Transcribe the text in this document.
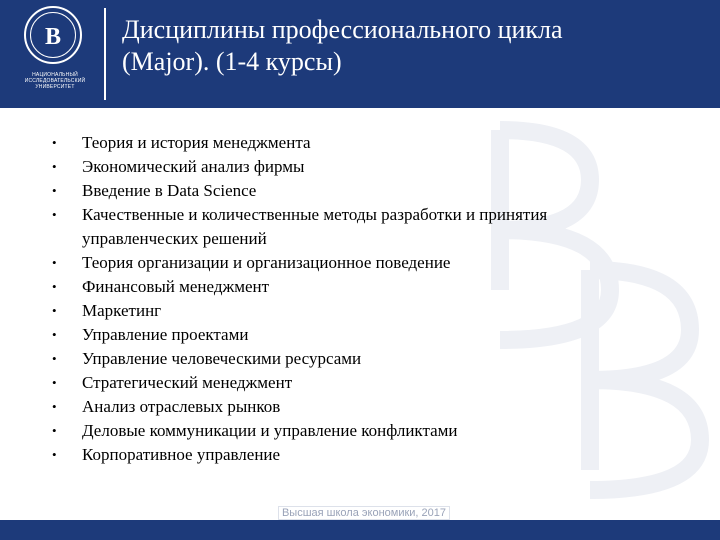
В
НАЦИОНАЛЬНЫЙ ИССЛЕДОВАТЕЛЬСКИЙ УНИВЕРСИТЕТ
Дисциплины профессионального цикла
(Major). (1-4 курсы)
• Теория и история менеджмента
• Экономический анализ фирмы
• Введение в Data Science
• Качественные и количественные методы разработки и принятия управленческих решений
• Теория организации и организационное поведение
• Финансовый менеджмент
• Маркетинг
• Управление проектами
• Управление человеческими ресурсами
• Стратегический менеджмент
• Анализ отраслевых рынков
• Деловые коммуникации и управление конфликтами
• Корпоративное управление
Высшая школа экономики, 2017
